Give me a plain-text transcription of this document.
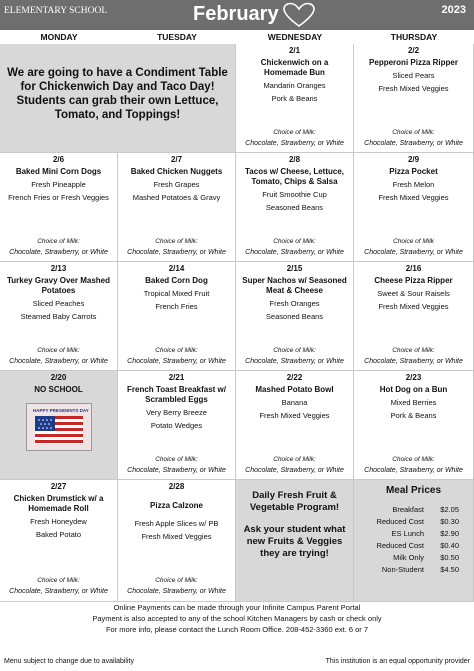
ELEMENTARY SCHOOL	February	2023
MONDAY	TUESDAY	WEDNESDAY	THURSDAY
We are going to have a Condiment Table for Chickenwich Day and Taco Day! Students can grab their own Lettuce, Tomato, and Toppings!
2/1
Chickenwich on a Homemade Bun
Mandarin Oranges
Pork & Beans
Choice of Milk:
Chocolate, Strawberry, or White
2/2
Pepperoni Pizza Ripper
Sliced Pears
Fresh Mixed Veggies
Choice of Milk:
Chocolate, Strawberry, or White
2/6
Baked Mini Corn Dogs
Fresh Pineapple
French Fries or Fresh Veggies
Choice of Milk:
Chocolate, Strawberry, or White
2/7
Baked Chicken Nuggets
Fresh Grapes
Mashed Potatoes & Gravy
Choice of Milk:
Chocolate, Strawberry, or White
2/8
Tacos w/ Cheese, Lettuce, Tomato, Chips & Salsa
Fruit Smoothie Cup
Seasoned Beans
Choice of Milk:
Chocolate, Strawberry, or White
2/9
Pizza Pocket
Fresh Melon
Fresh Mixed Veggies
Choice of Milk
Chocolate, Strawberry, or White
2/13
Turkey Gravy Over Mashed Potatoes
Sliced Peaches
Steamed Baby Carrots
Choice of Milk:
Chocolate, Strawberry, or White
2/14
Baked Corn Dog
Tropical Mixed Fruit
French Fries
Choice of Milk:
Chocolate, Strawberry, or White
2/15
Super Nachos w/ Seasoned Meat & Cheese
Fresh Oranges
Seasoned Beans
Choice of Milk:
Chocolate, Strawberry, or White
2/16
Cheese Pizza Ripper
Sweet & Sour Raisels
Fresh Mixed Veggies
Choice of Milk:
Chocolate, Strawberry, or White
2/20
NO SCHOOL
HAPPY PRESIDENTS DAY
2/21
French Toast Breakfast w/ Scrambled Eggs
Very Berry Breeze
Potato Wedges
Choice of Milk:
Chocolate, Strawberry, or White
2/22
Mashed Potato Bowl
Banana
Fresh Mixed Veggies
Choice of Milk:
Chocolate, Strawberry, or White
2/23
Hot Dog on a Bun
Mixed Berries
Pork & Beans
Choice of Milk:
Chocolate, Strawberry, or White
2/27
Chicken Drumstick w/ a Homemade Roll
Fresh Honeydew
Baked Potato
Choice of Milk:
Chocolate, Strawberry, or White
2/28
Pizza Calzone
Fresh Apple Slices w/ PB
Fresh Mixed Veggies
Choice of Milk:
Chocolate, Strawberry, or White
Daily Fresh Fruit & Vegetable Program!
Ask your student what new Fruits & Veggies they are trying!
Meal Prices
Breakfast $2.05
Reduced Cost $0.30
ES Lunch $2.90
Reduced Cost $0.40
Milk Only $0.50
Non-Student $4.50
Online Payments can be made through your Infinite Campus Parent Portal
Payment is also accepted to any of the school Kitchen Managers by cash or check only
For more info, please contact the Lunch Room Office. 208-452-3360 ext. 6 or 7
Menu subject to change due to availability	This institution is an equal opportunity provider
